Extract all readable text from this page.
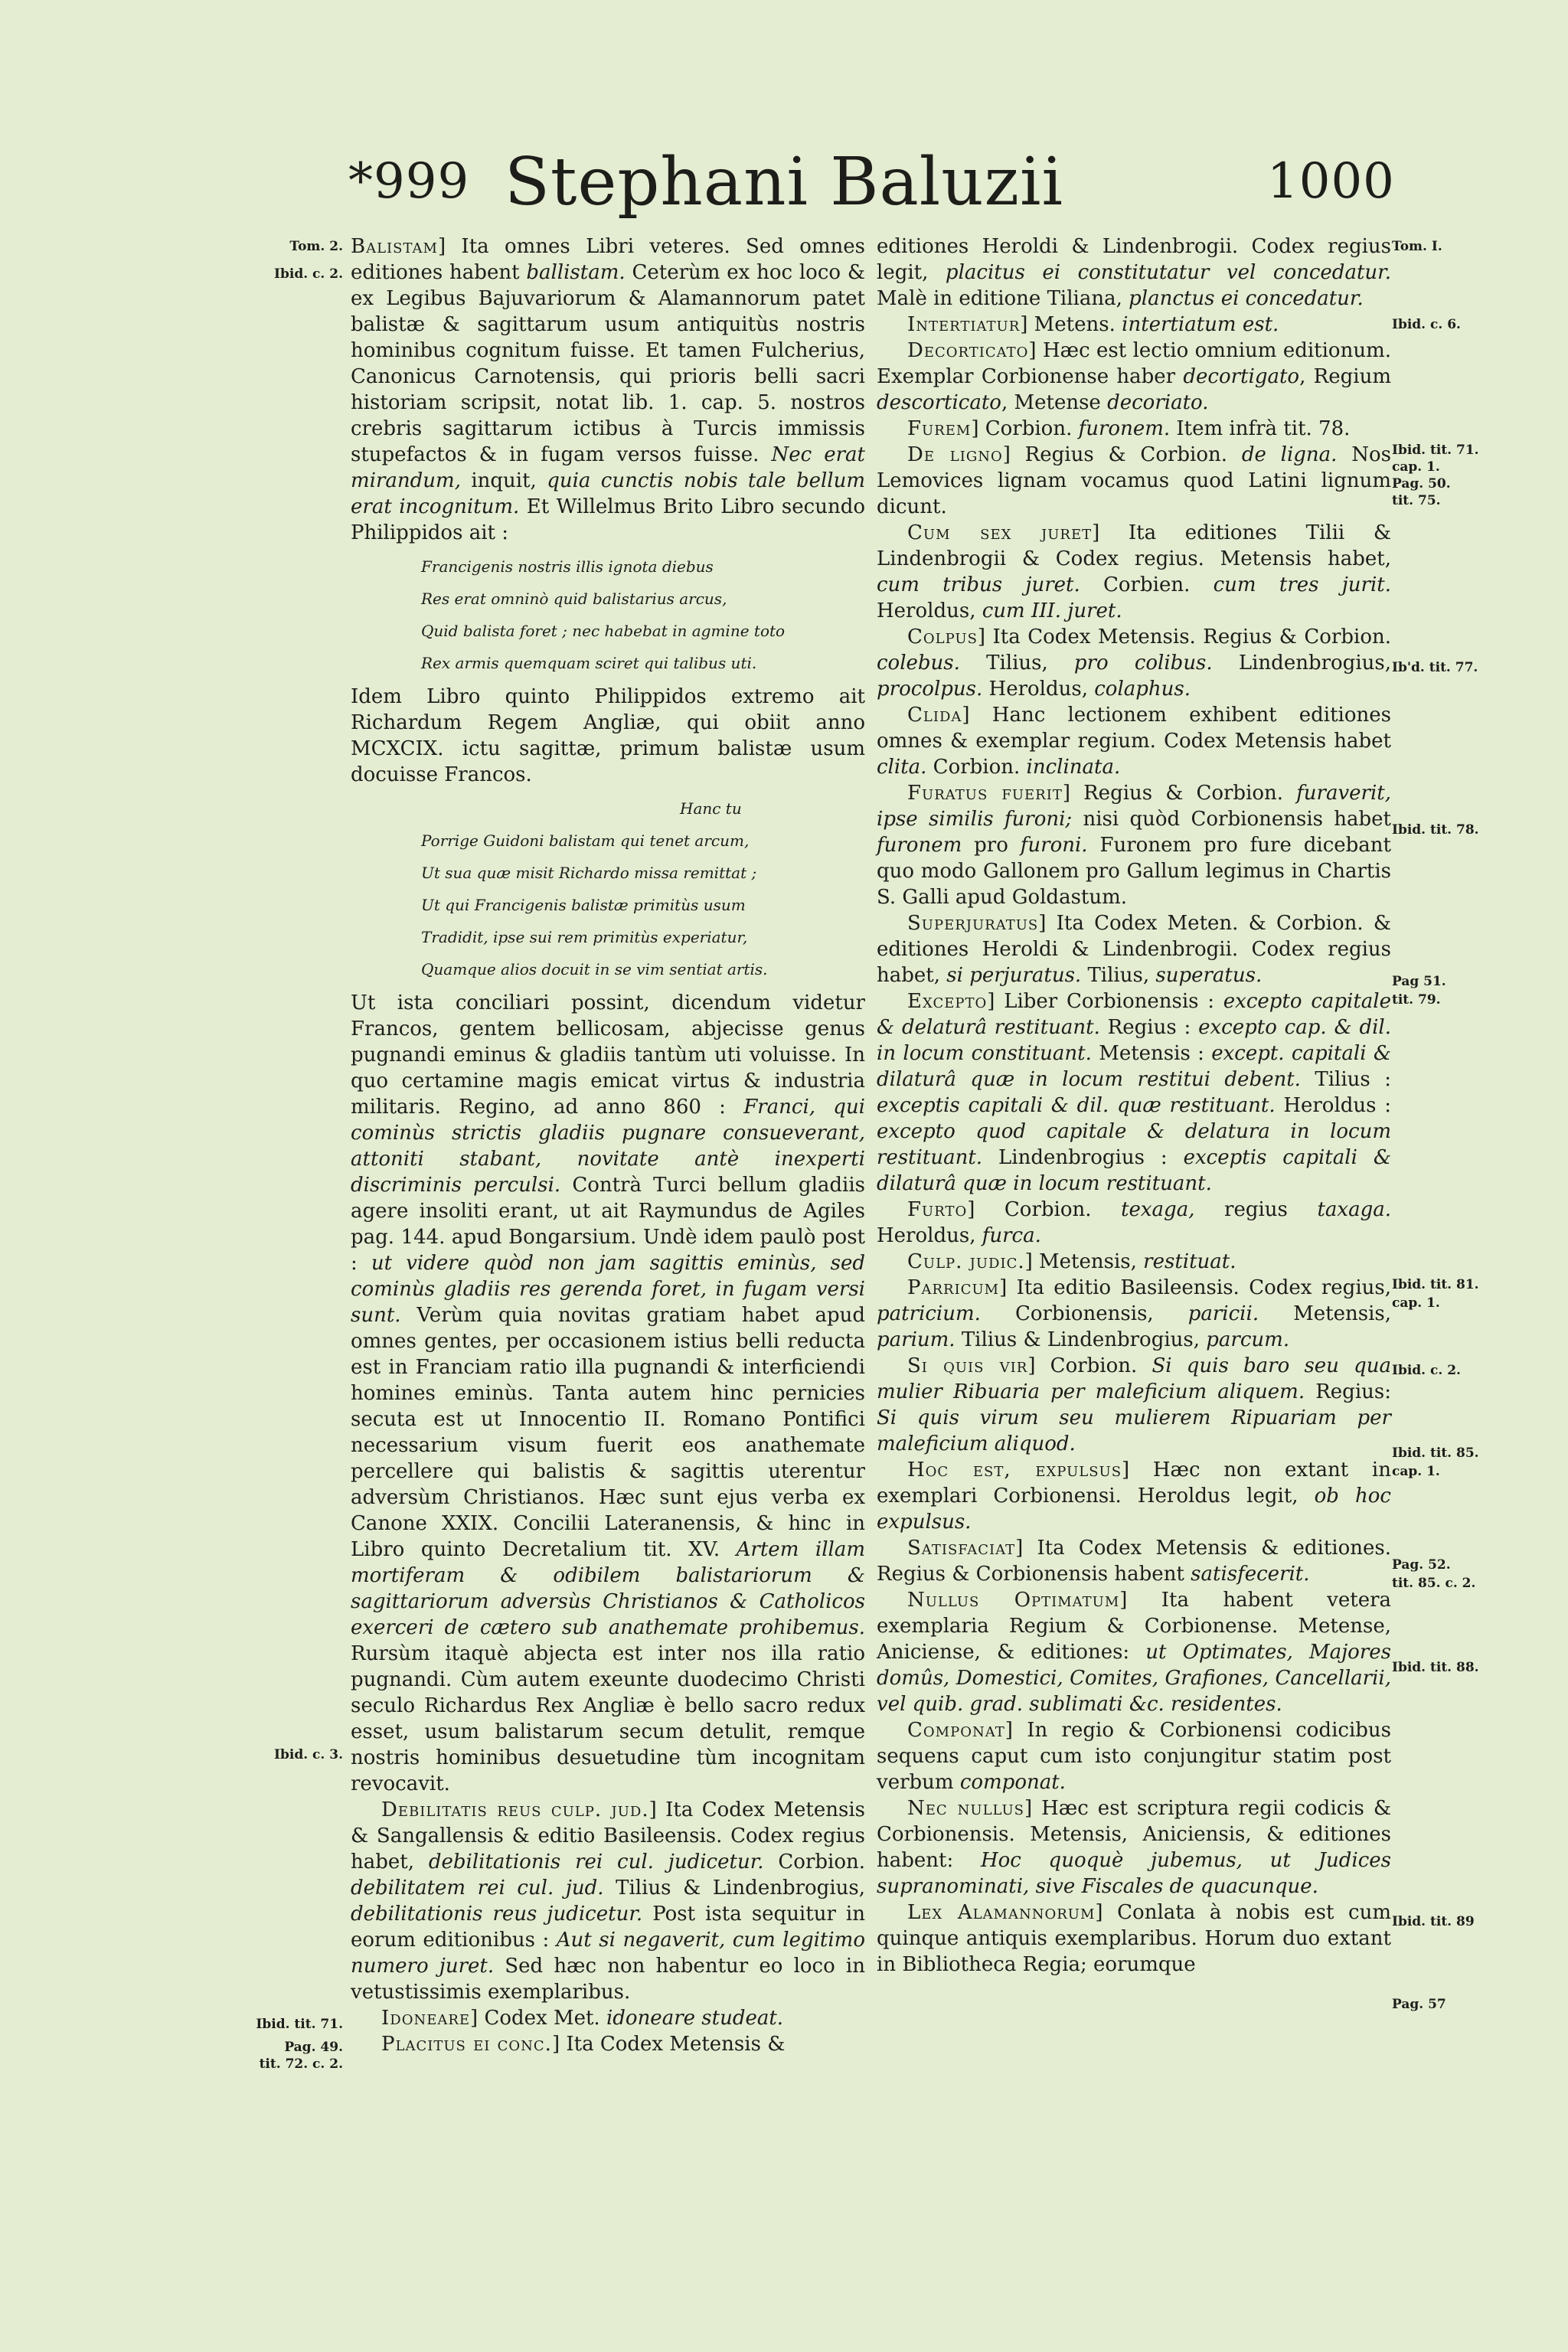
*999 Stephani Baluzii	1000
Tom. 2.
Ibid. c. 2.
Ibid. c. 3.
Ibid. tit. 71.
Pag. 49.
tit. 72. c. 2.
Tom. I.
Ibid. c. 6.
Ibid. tit. 71.
cap. 1.
Pag. 50.
tit. 75.
Ib'd. tit. 77.
Ibid. tit. 78.
Pag 51.
tit. 79.
Ibid. tit. 81.
cap. 1.
Ibid. c. 2.
Ibid. tit. 85.
cap. 1.
Pag. 52.
tit. 85. c. 2.
Ibid. tit. 88.
Ibid. tit. 89
Pag. 57

Balistam] Ita omnes Libri veteres. Sed omnes editiones habent ballistam. Ceterùm ex hoc loco & ex Legibus Bajuvariorum & Alamannorum patet balistæ & sagittarum usum antiquitùs nostris hominibus cognitum fuisse. Et tamen Fulcherius, Canonicus Carnotensis, qui prioris belli sacri historiam scripsit, notat lib. 1. cap. 5. nostros crebris sagittarum ictibus à Turcis immissis stupefactos & in fugam versos fuisse. Nec erat mirandum, inquit, quia cunctis nobis tale bellum erat incognitum. Et Willelmus Brito Libro secundo Philippidos ait :

Francigenis nostris illis ignota diebus
Res erat omninò quid balistarius arcus,
Quid balista foret ; nec habebat in agmine toto
Rex armis quemquam sciret qui talibus uti.

Idem Libro quinto Philippidos extremo ait Richardum Regem Angliæ, qui obiit anno MCXCIX. ictu sagittæ, primum balistæ usum docuisse Francos.

Hanc tu
Porrige Guidoni balistam qui tenet arcum,
Ut sua quæ misit Richardo missa remittat ;
Ut qui Francigenis balistæ primitùs usum
Tradidit, ipse sui rem primitùs experiatur,
Quamque alios docuit in se vim sentiat artis.

Ut ista conciliari possint, dicendum videtur Francos, gentem bellicosam, abjecisse genus pugnandi eminus & gladiis tantùm uti voluisse. In quo certamine magis emicat virtus & industria militaris. Regino, ad anno 860 : Franci, qui cominùs strictis gladiis pugnare consueverant, attoniti stabant, novitate antè inexperti discriminis perculsi. Contrà Turci bellum gladiis agere insoliti erant, ut ait Raymundus de Agiles pag. 144. apud Bongarsium. Undè idem paulò post : ut videre quòd non jam sagittis eminùs, sed cominùs gladiis res gerenda foret, in fugam versi sunt. Verùm quia novitas gratiam habet apud omnes gentes, per occasionem istius belli reducta est in Franciam ratio illa pugnandi & interficiendi homines eminùs. Tanta autem hinc pernicies secuta est ut Innocentio II. Romano Pontifici necessarium visum fuerit eos anathemate percellere qui balistis & sagittis uterentur adversùm Christianos. Hæc sunt ejus verba ex Canone XXIX. Concilii Lateranensis, & hinc in Libro quinto Decretalium tit. XV. Artem illam mortiferam & odibilem balistariorum & sagittariorum adversùs Christianos & Catholicos exerceri de cætero sub anathemate prohibemus. Rursùm itaquè abjecta est inter nos illa ratio pugnandi. Cùm autem exeunte duodecimo Christi seculo Richardus Rex Angliæ è bello sacro redux esset, usum balistarum secum detulit, remque nostris hominibus desuetudine tùm incognitam revocavit.

Debilitatis reus culp. jud.] Ita Codex Metensis & Sangallensis & editio Basileensis. Codex regius habet, debilitationis rei cul. judicetur. Corbion. debilitatem rei cul. jud. Tilius & Lindenbrogius, debilitationis reus judicetur. Post ista sequitur in eorum editionibus : Aut si negaverit, cum legitimo numero juret. Sed hæc non habentur eo loco in vetustissimis exemplaribus.

Idoneare] Codex Met. idoneare studeat.

Placitus ei conc.] Ita Codex Metensis &

editiones Heroldi & Lindenbrogii. Codex regius legit, placitus ei constitutatur vel concedatur. Malè in editione Tiliana, planctus ei concedatur.

Intertiatur] Metens. intertiatum est.

Decorticato] Hæc est lectio omnium editionum. Exemplar Corbionense haber decortigato, Regium descorticato, Metense decoriato.

Furem] Corbion. furonem. Item infrà tit. 78.

De ligno] Regius & Corbion. de ligna. Nos Lemovices lignam vocamus quod Latini lignum dicunt.

Cum sex juret] Ita editiones Tilii & Lindenbrogii & Codex regius. Metensis habet, cum tribus juret. Corbien. cum tres jurit. Heroldus, cum III. juret.

Colpus] Ita Codex Metensis. Regius & Corbion. colebus. Tilius, pro colibus. Lindenbrogius, procolpus. Heroldus, colaphus.

Clida] Hanc lectionem exhibent editiones omnes & exemplar regium. Codex Metensis habet clita. Corbion. inclinata.

Furatus fuerit] Regius & Corbion. furaverit, ipse similis furoni; nisi quòd Corbionensis habet furonem pro furoni. Furonem pro fure dicebant quo modo Gallonem pro Gallum legimus in Chartis S. Galli apud Goldastum.

Superjuratus] Ita Codex Meten. & Corbion. & editiones Heroldi & Lindenbrogii. Codex regius habet, si perjuratus. Tilius, superatus.

Excepto] Liber Corbionensis : excepto capitale & delaturâ restituant. Regius : excepto cap. & dil. in locum constituant. Metensis : except. capitali & dilaturâ quæ in locum restitui debent. Tilius : exceptis capitali & dil. quæ restituant. Heroldus : excepto quod capitale & delatura in locum restituant. Lindenbrogius : exceptis capitali & dilaturâ quæ in locum restituant.

Furto] Corbion. texaga, regius taxaga. Heroldus, furca.

Culp. judic.] Metensis, restituat.

Parricum] Ita editio Basileensis. Codex regius, patricium. Corbionensis, paricii. Metensis, parium. Tilius & Lindenbrogius, parcum.

Si quis vir] Corbion. Si quis baro seu qua mulier Ribuaria per maleficium aliquem. Regius: Si quis virum seu mulierem Ripuariam per maleficium aliquod.

Hoc est, expulsus] Hæc non extant in exemplari Corbionensi. Heroldus legit, ob hoc expulsus.

Satisfaciat] Ita Codex Metensis & editiones. Regius & Corbionensis habent satisfecerit.

Nullus Optimatum] Ita habent vetera exemplaria Regium & Corbionense. Metense, Aniciense, & editiones: ut Optimates, Majores domûs, Domestici, Comites, Grafiones, Cancellarii, vel quib. grad. sublimati &c. residentes.

Componat] In regio & Corbionensi codicibus sequens caput cum isto conjungitur statim post verbum componat.

Nec nullus] Hæc est scriptura regii codicis & Corbionensis. Metensis, Aniciensis, & editiones habent: Hoc quoquè jubemus, ut Judices supranominati, sive Fiscales de quacunque.

Lex Alamannorum] Conlata à nobis est cum quinque antiquis exemplaribus. Horum duo extant in Bibliotheca Regia; eorumque
